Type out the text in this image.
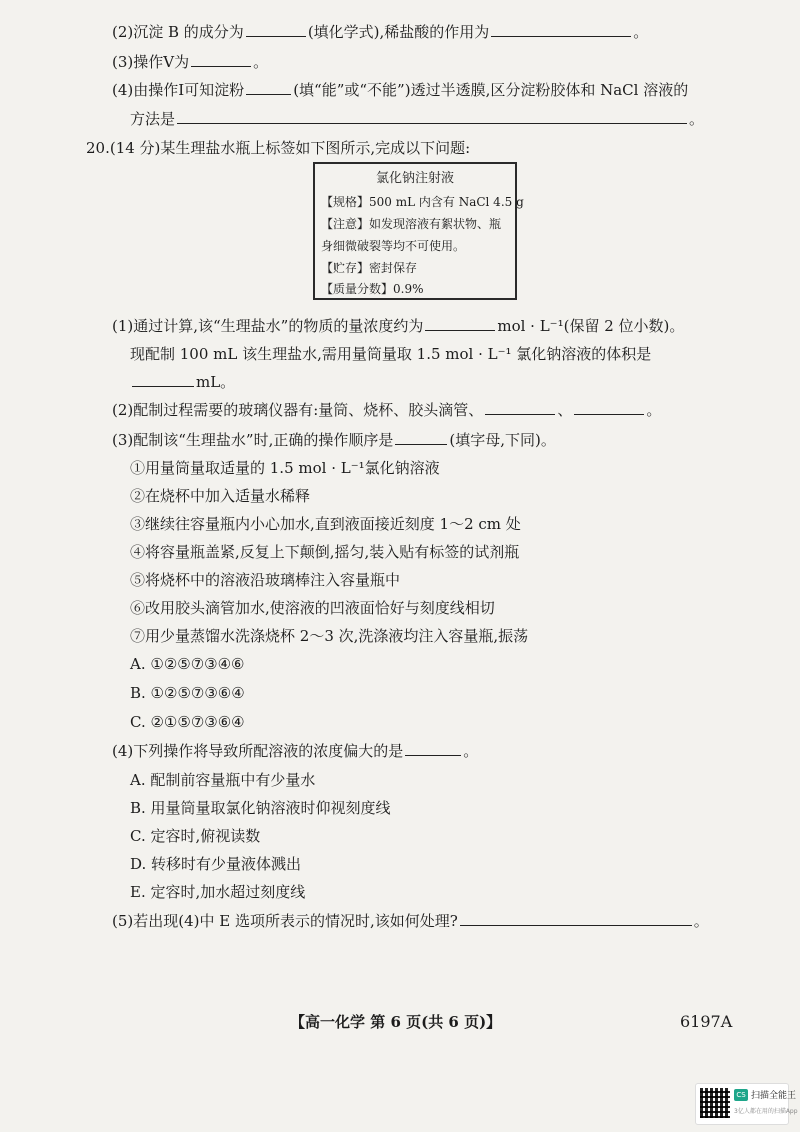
(2)沉淀 B 的成分为	(填化学式),稀盐酸的作用为	。
(3)操作Ⅴ为	。
(4)由操作Ⅰ可知淀粉	(填“能”或“不能”)透过半透膜,区分淀粉胶体和 NaCl 溶液的
方法是	。
20.(14 分)某生理盐水瓶上标签如下图所示,完成以下问题:
氯化钠注射液
【规格】500 mL 内含有 NaCl 4.5 g
【注意】如发现溶液有絮状物、瓶
身细微破裂等均不可使用。
【贮存】密封保存
【质量分数】0.9%
(1)通过计算,该“生理盐水”的物质的量浓度约为	mol · L⁻¹(保留 2 位小数)。
现配制 100 mL 该生理盐水,需用量筒量取 1.5 mol · L⁻¹ 氯化钠溶液的体积是
mL。
(2)配制过程需要的玻璃仪器有:量筒、烧杯、胶头滴管、	、	。
(3)配制该“生理盐水”时,正确的操作顺序是	(填字母,下同)。
①用量筒量取适量的 1.5 mol · L⁻¹氯化钠溶液
②在烧杯中加入适量水稀释
③继续往容量瓶内小心加水,直到液面接近刻度 1～2 cm 处
④将容量瓶盖紧,反复上下颠倒,摇匀,装入贴有标签的试剂瓶
⑤将烧杯中的溶液沿玻璃棒注入容量瓶中
⑥改用胶头滴管加水,使溶液的凹液面恰好与刻度线相切
⑦用少量蒸馏水洗涤烧杯 2～3 次,洗涤液均注入容量瓶,振荡
A. ①②⑤⑦③④⑥
B. ①②⑤⑦③⑥④
C. ②①⑤⑦③⑥④
(4)下列操作将导致所配溶液的浓度偏大的是	。
A. 配制前容量瓶中有少量水
B. 用量筒量取氯化钠溶液时仰视刻度线
C. 定容时,俯视读数
D. 转移时有少量液体溅出
E. 定容时,加水超过刻度线
(5)若出现(4)中 E 选项所表示的情况时,该如何处理?	。
【高一化学 第 6 页(共 6 页)】	6197A
CS 扫描全能王
3亿人都在用的扫描App
